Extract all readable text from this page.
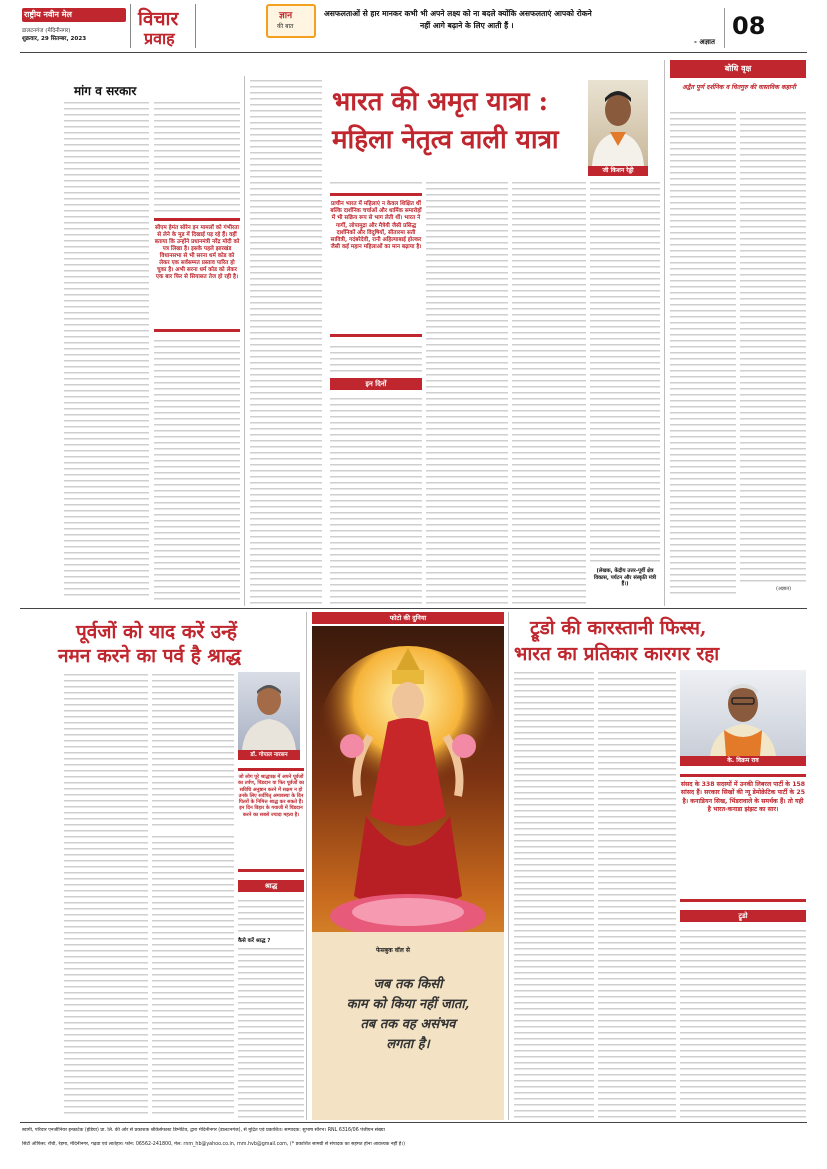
राष्ट्रीय नवीन मेल
डालटनगंज (मेदिनीनगर)
शुक्रवार, 29 सितम्बर, 2023
विचार
प्रवाह
ज्ञान
की बात
असफलताओं से हार मानकर कभी भी अपने लक्ष्य को ना बदले क्योंकि असफलताएं आपको रोकने
नहीं आगे बढ़ाने के लिए आती हैं ।
- अज्ञात
08
मांग व सरकार
सीएम हेमंत सोरेन इन मामलों को गंभीरता से लेने के मूड में दिखाई पड़ रहे हैं। वहीं बताया कि उन्होंने प्रधानमंत्री नरेंद्र मोदी को पत्र लिखा है। इसके पहले झारखंड विधानसभा से भी सरना धर्म कोड को लेकर एक सर्वसम्मत प्रस्ताव पारित हो चुका है। अभी सरना धर्म कोड को लेकर एक बार फिर से सियासत तेज हो रही है।
भारत की अमृत यात्रा :
महिला नेतृत्व वाली यात्रा
जी किशन रेड्डी
प्राचीन भारत में महिलाएं न केवल शिक्षित थीं बल्कि दार्शनिक चर्चाओं और धार्मिक समारोहों में भी सक्रिय रूप से भाग लेती थीं। भारत ने गार्गी, लोपामुद्रा और मैत्रेयी जैसी प्रसिद्ध दार्शनिकों और विदुषियों, सीतारमा सती सावित्री, गदंबरेदेवी, रानी अहिल्याबाई होल्कर जैसी कई महान महिलाओं का मान बढ़ाया है।
इन दिनों
(लेखक, केंद्रीय उत्तर-पूर्वी क्षेत्र विकास, पर्यटन और संस्कृति मंत्री हैं।)
बोधि वृक्ष
अद्वैत पूर्ण दर्शनिक व चितगुरु की वास्तविक कहानी
(अज्ञात)
पूर्वजों को याद करें उन्हें
नमन करने का पर्व है श्राद्ध
डॉ. गोपाल नारसन
जो लोग पूरे श्राद्धपक्ष में अपने पूर्वजों का तर्पण, पिंडदान या फिर पूर्वजों का सविधि अनुष्ठान करने में सक्षम न हो उनके लिए सर्वपितृ अमावस्या के दिन पितरों के निमित्त श्राद्ध कर सकते हैं। इन दिन विहार के गयाजी में पिंडदान करने का सबसे ज्यादा महत्व है।
श्राद्ध
कैसे करें श्राद्ध ?
फोटो की दुनिया
फेसबुक वॉल से
जब तक किसी
काम को किया नहीं जाता,
तब तक वह असंभव
लगता है।
ट्रूडो की कारस्तानी फिस्स,
भारत का प्रतिकार कारगर रहा
के. विक्रम राव
संसद के 338 सदस्यों में उनकी लिबरल पार्टी के 158 सांसद हैं। सरकार सिखों की न्यू डेमोक्रेटिक पार्टी के 25 है। कनाडियन सिख, भिंडरावाले के समर्थक हैं। तो यही है भारत-कनाडा झंझट का सार।
ट्रूडो
स्वामी, परिवार एनजीनियर इन्फ्राटेक (इंडिया) प्रा. लि. की ओर से प्रकाशक श्रीकेसेफास्ट डिग्नेटिव, द्वारा मेदिनीनगर (डालटनगंज), से मुद्रित एवं प्रकाशित। सम्पादक: सुभाष सौरभ। RNL 6316/06 पंजीयन संख्या
सिटी ऑफिस: राँची, रेड़मा, मेदिनीनगर, गढ़वा एवं लातेहार। फोन: 06562-241800, मेल: rnm_hb@yahoo.co.in, rnm.hvb@gmail.com, (* प्रकाशित सामग्री से संपादक का सहमत होना आवश्यक नहीं है।)
